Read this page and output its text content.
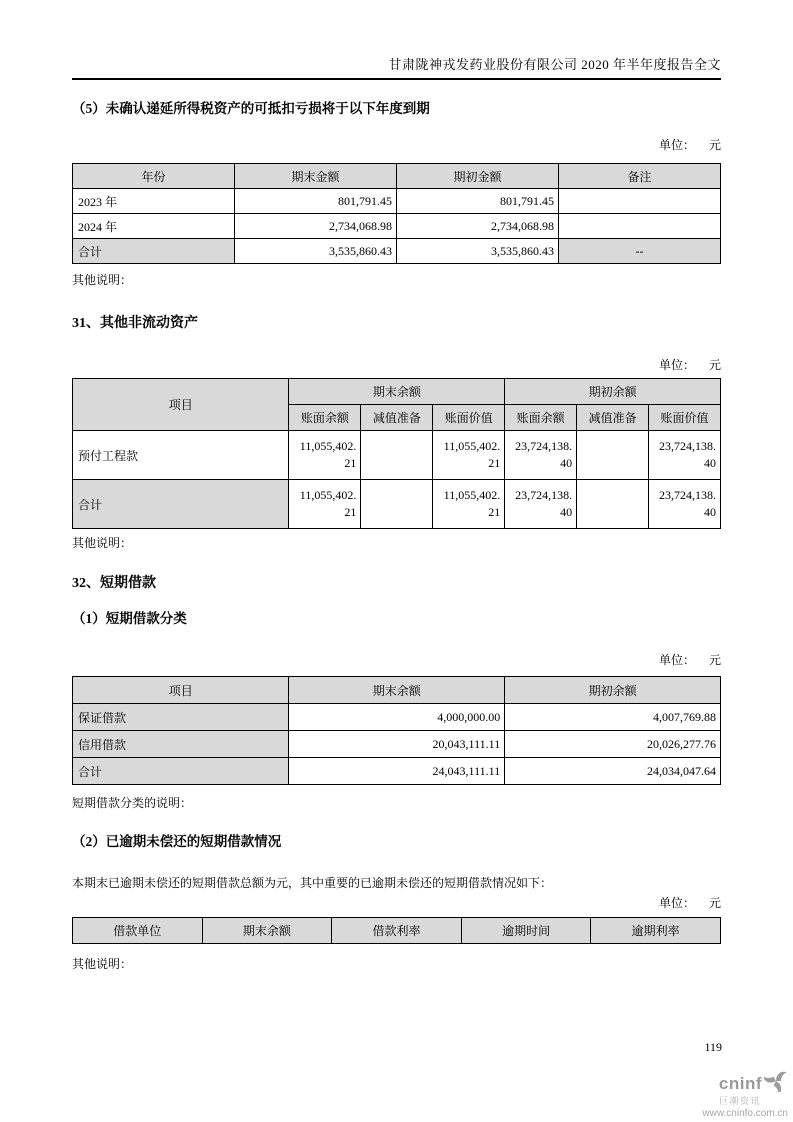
甘肃陇神戎发药业股份有限公司 2020 年半年度报告全文
（5）未确认递延所得税资产的可抵扣亏损将于以下年度到期
单位： 元
年份	期末金额	期初金额	备注
2023 年	801,791.45	801,791.45	
2024 年	2,734,068.98	2,734,068.98	
合计	3,535,860.43	3,535,860.43	--
其他说明：
31、其他非流动资产
单位： 元
项目	期末余额			期初余额		
	账面余额	减值准备	账面价值	账面余额	减值准备	账面价值
预付工程款	11,055,402.21		11,055,402.21	23,724,138.40		23,724,138.40
合计	11,055,402.21		11,055,402.21	23,724,138.40		23,724,138.40
其他说明：
32、短期借款
（1）短期借款分类
单位： 元
项目	期末余额	期初余额
保证借款	4,000,000.00	4,007,769.88
信用借款	20,043,111.11	20,026,277.76
合计	24,043,111.11	24,034,047.64
短期借款分类的说明：
（2）已逾期未偿还的短期借款情况
本期末已逾期未偿还的短期借款总额为元，其中重要的已逾期未偿还的短期借款情况如下：
单位： 元
借款单位	期末余额	借款利率	逾期时间	逾期利率
其他说明：
119
cninf
巨潮资讯
www.cninfo.com.cn
